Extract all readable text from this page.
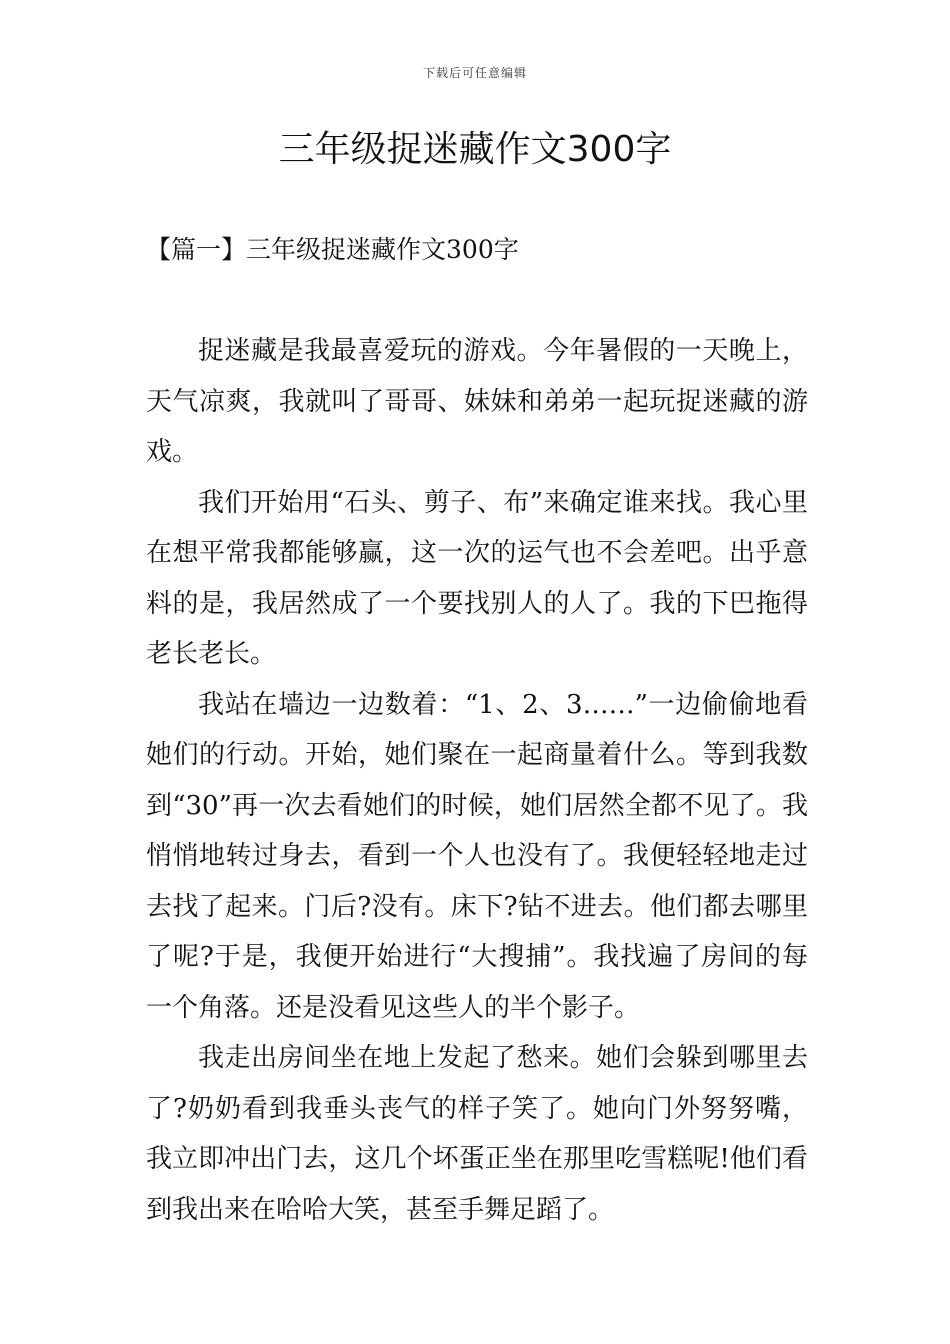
下载后可任意编辑
三年级捉迷藏作文300字
【篇一】三年级捉迷藏作文300字

捉迷藏是我最喜爱玩的游戏。今年暑假的一天晚上，天气凉爽，我就叫了哥哥、妹妹和弟弟一起玩捉迷藏的游戏。

我们开始用“石头、剪子、布”来确定谁来找。我心里在想平常我都能够赢，这一次的运气也不会差吧。出乎意料的是，我居然成了一个要找别人的人了。我的下巴拖得老长老长。

我站在墙边一边数着：“1、2、3……”一边偷偷地看她们的行动。开始，她们聚在一起商量着什么。等到我数到“30”再一次去看她们的时候，她们居然全都不见了。我悄悄地转过身去，看到一个人也没有了。我便轻轻地走过去找了起来。门后?没有。床下?钻不进去。他们都去哪里了呢?于是，我便开始进行“大搜捕”。我找遍了房间的每一个角落。还是没看见这些人的半个影子。

我走出房间坐在地上发起了愁来。她们会躲到哪里去了?奶奶看到我垂头丧气的样子笑了。她向门外努努嘴，我立即冲出门去，这几个坏蛋正坐在那里吃雪糕呢!他们看到我出来在哈哈大笑，甚至手舞足蹈了。
